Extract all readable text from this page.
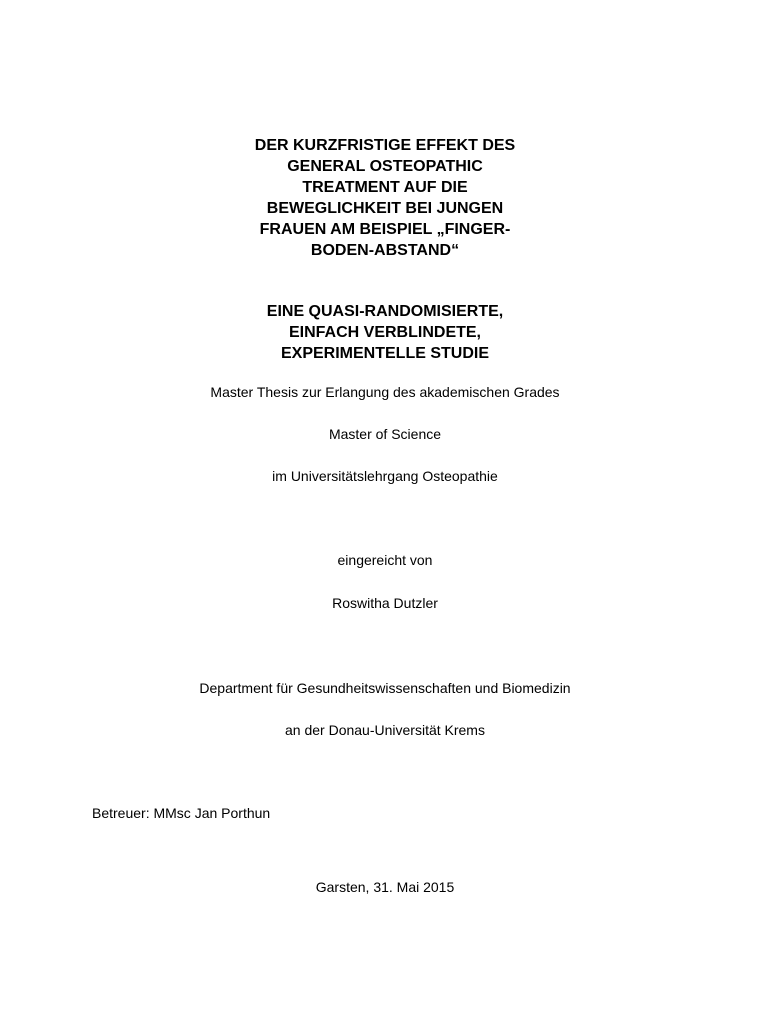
DER KURZFRISTIGE EFFEKT DES
GENERAL OSTEOPATHIC
TREATMENT AUF DIE
BEWEGLICHKEIT BEI JUNGEN
FRAUEN AM BEISPIEL „FINGER-
BODEN-ABSTAND“
EINE QUASI-RANDOMISIERTE,
EINFACH VERBLINDETE,
EXPERIMENTELLE STUDIE
Master Thesis zur Erlangung des akademischen Grades
Master of Science
im Universitätslehrgang Osteopathie
eingereicht von
Roswitha Dutzler
Department für Gesundheitswissenschaften und Biomedizin
an der Donau-Universität Krems
Betreuer: MMsc Jan Porthun
Garsten, 31. Mai 2015
